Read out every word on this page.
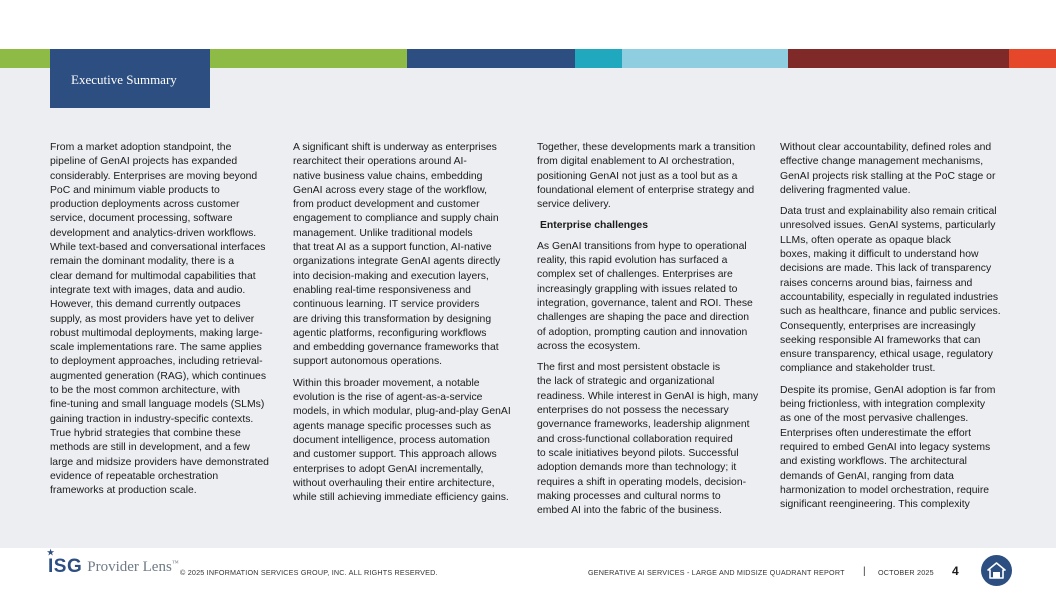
Executive Summary

From a market adoption standpoint, the
pipeline of GenAI projects has expanded
considerably. Enterprises are moving beyond
PoC and minimum viable products to
production deployments across customer
service, document processing, software
development and analytics-driven workflows.
While text-based and conversational interfaces
remain the dominant modality, there is a
clear demand for multimodal capabilities that
integrate text with images, data and audio.
However, this demand currently outpaces
supply, as most providers have yet to deliver
robust multimodal deployments, making large-
scale implementations rare. The same applies
to deployment approaches, including retrieval-
augmented generation (RAG), which continues
to be the most common architecture, with
fine-tuning and small language models (SLMs)
gaining traction in industry-specific contexts.
True hybrid strategies that combine these
methods are still in development, and a few
large and midsize providers have demonstrated
evidence of repeatable orchestration
frameworks at production scale.

A significant shift is underway as enterprises
rearchitect their operations around AI-
native business value chains, embedding
GenAI across every stage of the workflow,
from product development and customer
engagement to compliance and supply chain
management. Unlike traditional models
that treat AI as a support function, AI-native
organizations integrate GenAI agents directly
into decision-making and execution layers,
enabling real-time responsiveness and
continuous learning. IT service providers
are driving this transformation by designing
agentic platforms, reconfiguring workflows
and embedding governance frameworks that
support autonomous operations.

Within this broader movement, a notable
evolution is the rise of agent-as-a-service
models, in which modular, plug-and-play GenAI
agents manage specific processes such as
document intelligence, process automation
and customer support. This approach allows
enterprises to adopt GenAI incrementally,
without overhauling their entire architecture,
while still achieving immediate efficiency gains.

Together, these developments mark a transition
from digital enablement to AI orchestration,
positioning GenAI not just as a tool but as a
foundational element of enterprise strategy and
service delivery.

Enterprise challenges

As GenAI transitions from hype to operational
reality, this rapid evolution has surfaced a
complex set of challenges. Enterprises are
increasingly grappling with issues related to
integration, governance, talent and ROI. These
challenges are shaping the pace and direction
of adoption, prompting caution and innovation
across the ecosystem.

The first and most persistent obstacle is
the lack of strategic and organizational
readiness. While interest in GenAI is high, many
enterprises do not possess the necessary
governance frameworks, leadership alignment
and cross-functional collaboration required
to scale initiatives beyond pilots. Successful
adoption demands more than technology; it
requires a shift in operating models, decision-
making processes and cultural norms to
embed AI into the fabric of the business.

Without clear accountability, defined roles and
effective change management mechanisms,
GenAI projects risk stalling at the PoC stage or
delivering fragmented value.

Data trust and explainability also remain critical
unresolved issues. GenAI systems, particularly
LLMs, often operate as opaque black
boxes, making it difficult to understand how
decisions are made. This lack of transparency
raises concerns around bias, fairness and
accountability, especially in regulated industries
such as healthcare, finance and public services.
Consequently, enterprises are increasingly
seeking responsible AI frameworks that can
ensure transparency, ethical usage, regulatory
compliance and stakeholder trust.

Despite its promise, GenAI adoption is far from
being frictionless, with integration complexity
as one of the most pervasive challenges.
Enterprises often underestimate the effort
required to embed GenAI into legacy systems
and existing workflows. The architectural
demands of GenAI, ranging from data
harmonization to model orchestration, require
significant reengineering. This complexity

★
ISG Provider Lens™
© 2025 INFORMATION SERVICES GROUP, INC. ALL RIGHTS RESERVED.	GENERATIVE AI SERVICES - LARGE AND MIDSIZE QUADRANT REPORT | OCTOBER 2025 4
